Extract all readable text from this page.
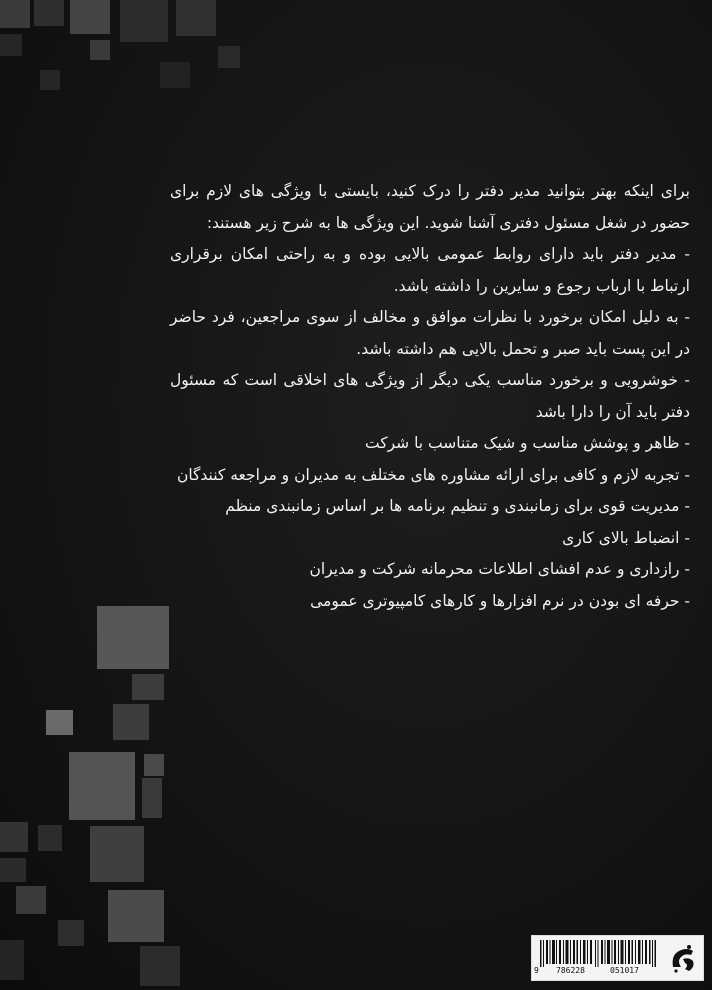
برای اینکه بهتر بتوانید مدیر دفتر را درک کنید، بایستی با ویژگی های لازم برای حضور در شغل مسئول دفتری آشنا شوید. این ویژگی ها به شرح زیر هستند:

- مدیر دفتر باید دارای روابط عمومی بالایی بوده و به راحتی امکان برقراری ارتباط با ارباب رجوع و سایرین را داشته باشد.

- به دلیل امکان برخورد با نظرات موافق و مخالف از سوی مراجعین، فرد حاضر در این پست باید صبر و تحمل بالایی هم داشته باشد.

- خوشرویی و برخورد مناسب یکی دیگر از ویژگی های اخلاقی است که مسئول دفتر باید آن را دارا باشد

- ظاهر و پوشش مناسب و شیک متناسب با شرکت

- تجربه لازم و کافی برای ارائه مشاوره های مختلف به مدیران و مراجعه کنندگان

- مدیریت قوی برای زمانبندی و تنظیم برنامه ها بر اساس زمانبندی منظم

- انضباط بالای کاری

- رازداری و عدم افشای اطلاعات محرمانه شرکت و مدیران

- حرفه ای بودن در نرم افزارها و کارهای کامپیوتری عمومی

9 786228	051017
